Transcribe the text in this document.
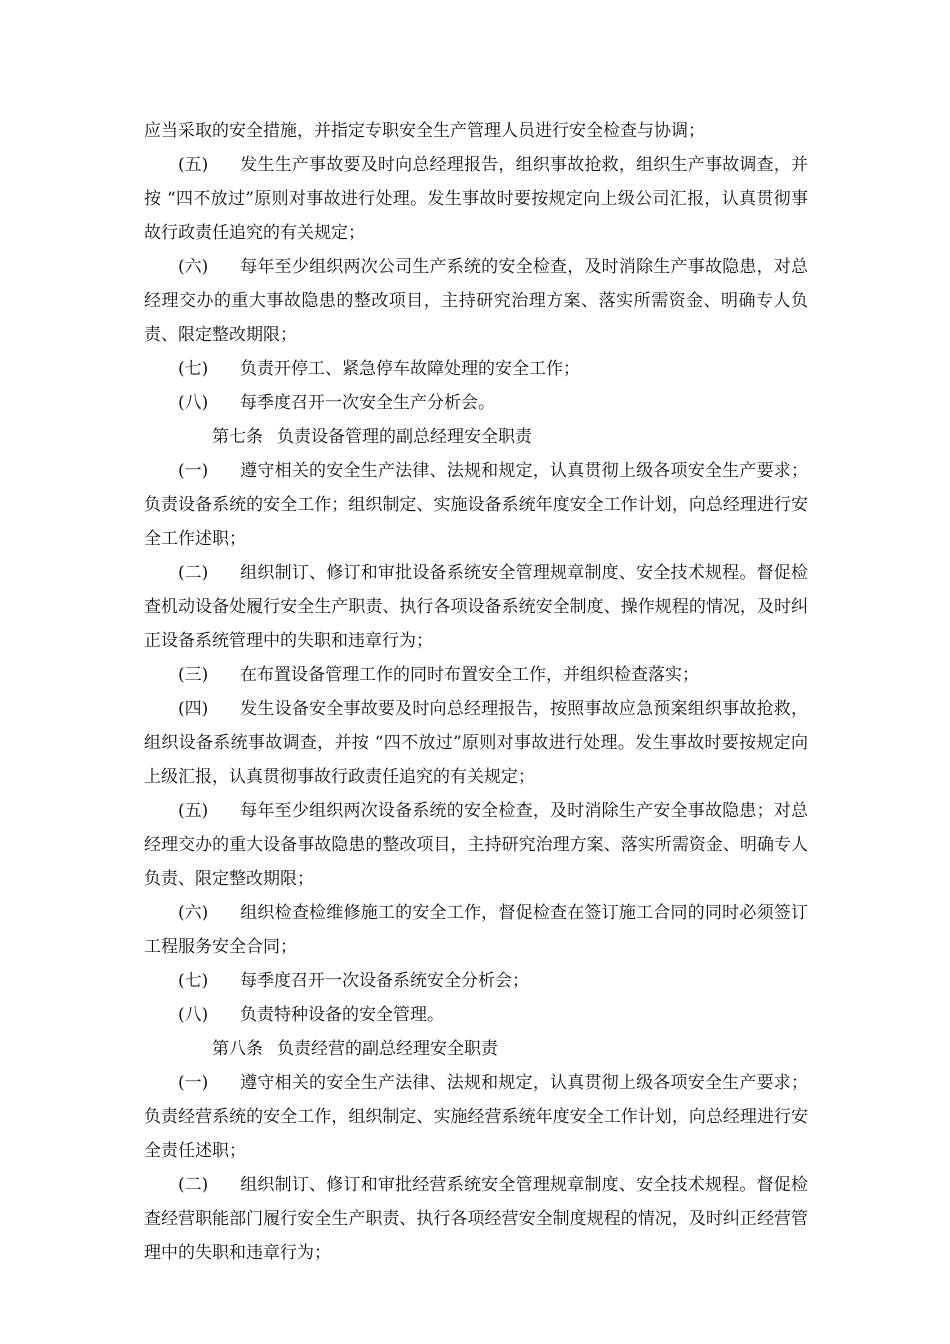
应当采取的安全措施，并指定专职安全生产管理人员进行安全检查与协调；

(五) 发生生产事故要及时向总经理报告，组织事故抢救，组织生产事故调查，并按 “四不放过”原则对事故进行处理。发生事故时要按规定向上级公司汇报，认真贯彻事故行政责任追究的有关规定；

(六) 每年至少组织两次公司生产系统的安全检查，及时消除生产事故隐患，对总经理交办的重大事故隐患的整改项目，主持研究治理方案、落实所需资金、明确专人负责、限定整改期限；

(七) 负责开停工、紧急停车故障处理的安全工作；

(八) 每季度召开一次安全生产分析会。

第七条 负责设备管理的副总经理安全职责

(一) 遵守相关的安全生产法律、法规和规定，认真贯彻上级各项安全生产要求；负责设备系统的安全工作；组织制定、实施设备系统年度安全工作计划，向总经理进行安全工作述职；

(二) 组织制订、修订和审批设备系统安全管理规章制度、安全技术规程。督促检查机动设备处履行安全生产职责、执行各项设备系统安全制度、操作规程的情况，及时纠正设备系统管理中的失职和违章行为；

(三) 在布置设备管理工作的同时布置安全工作，并组织检查落实；

(四) 发生设备安全事故要及时向总经理报告，按照事故应急预案组织事故抢救，组织设备系统事故调查，并按 “四不放过”原则对事故进行处理。发生事故时要按规定向上级汇报，认真贯彻事故行政责任追究的有关规定；

(五) 每年至少组织两次设备系统的安全检查，及时消除生产安全事故隐患；对总经理交办的重大设备事故隐患的整改项目，主持研究治理方案、落实所需资金、明确专人负责、限定整改期限；

(六) 组织检查检维修施工的安全工作，督促检查在签订施工合同的同时必须签订工程服务安全合同；

(七) 每季度召开一次设备系统安全分析会；

(八) 负责特种设备的安全管理。

第八条 负责经营的副总经理安全职责

(一) 遵守相关的安全生产法律、法规和规定，认真贯彻上级各项安全生产要求；负责经营系统的安全工作，组织制定、实施经营系统年度安全工作计划，向总经理进行安全责任述职；

(二) 组织制订、修订和审批经营系统安全管理规章制度、安全技术规程。督促检查经营职能部门履行安全生产职责、执行各项经营安全制度规程的情况，及时纠正经营管理中的失职和违章行为；
